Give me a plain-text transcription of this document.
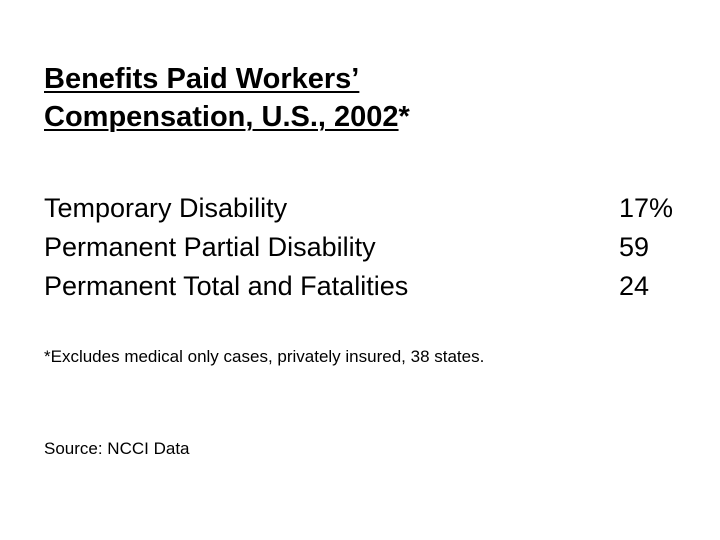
Benefits Paid Workers’
Compensation, U.S., 2002*
Temporary Disability	17%
Permanent Partial Disability	59
Permanent Total and Fatalities	24
*Excludes medical only cases, privately insured, 38 states.
Source: NCCI Data
